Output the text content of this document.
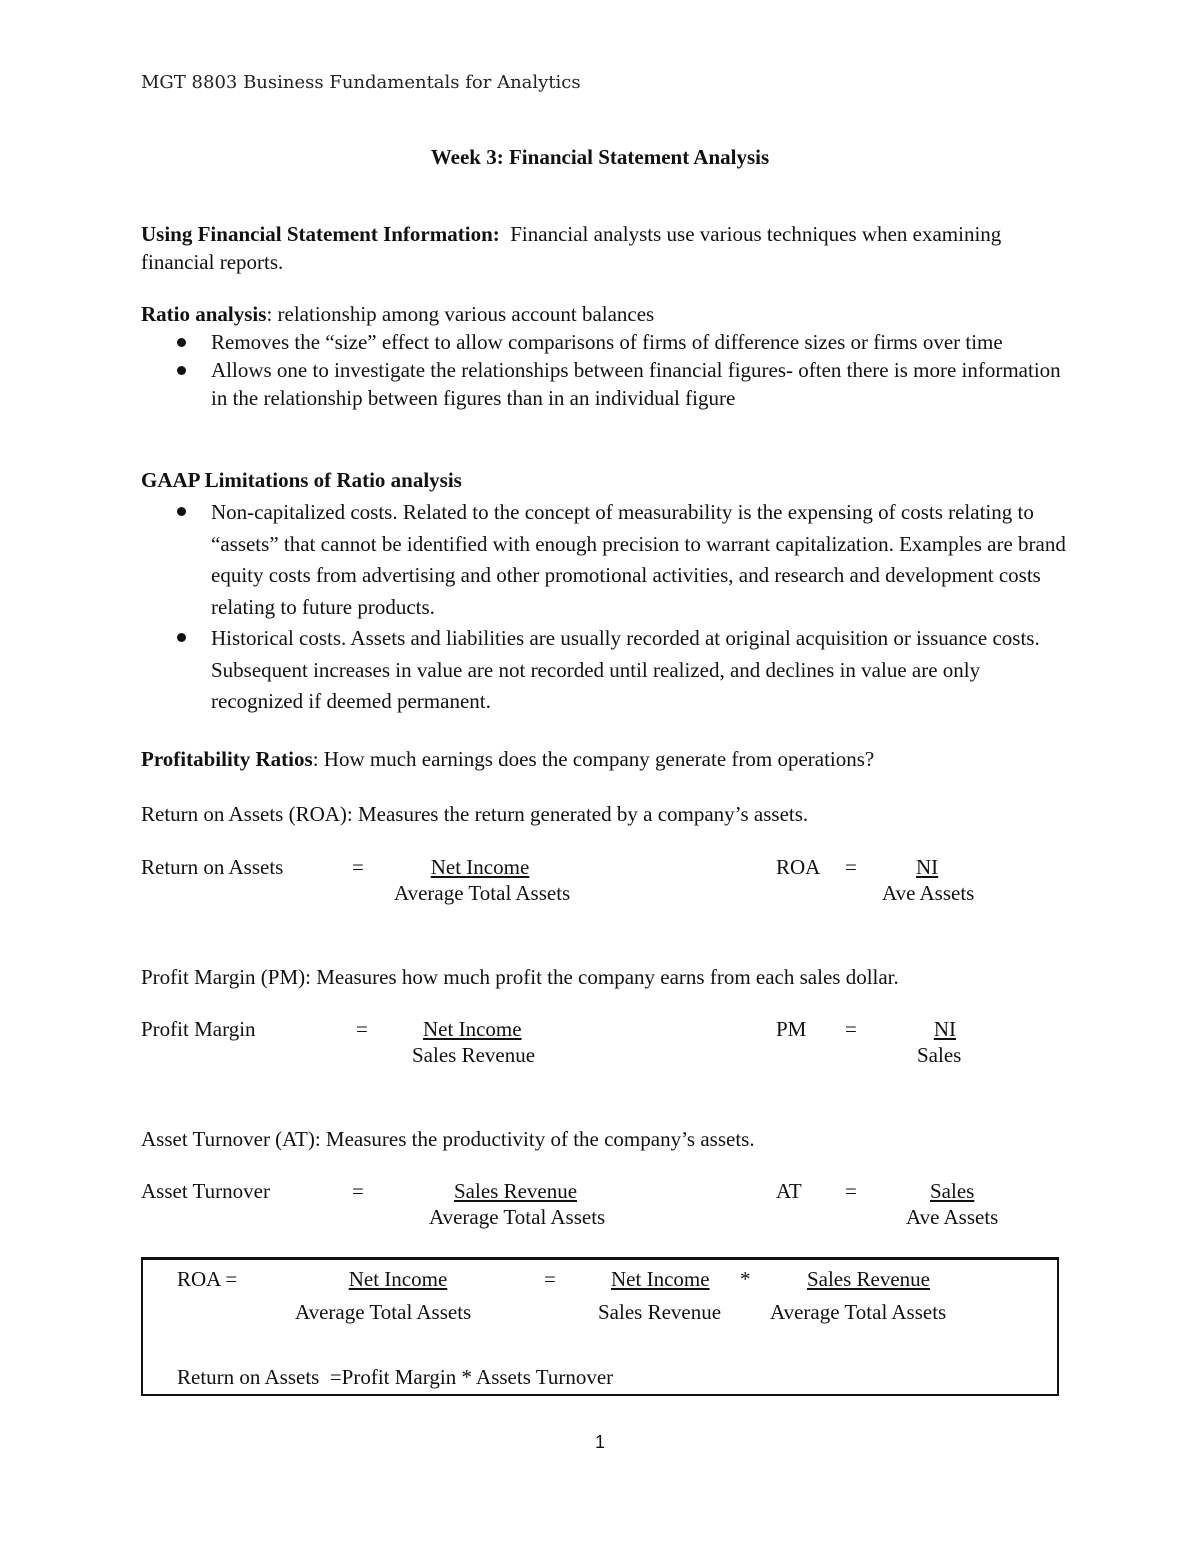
MGT 8803 Business Fundamentals for Analytics
Week 3: Financial Statement Analysis
Using Financial Statement Information: Financial analysts use various techniques when examining financial reports.
Ratio analysis: relationship among various account balances
Removes the “size” effect to allow comparisons of firms of difference sizes or firms over time
Allows one to investigate the relationships between financial figures- often there is more information in the relationship between figures than in an individual figure
GAAP Limitations of Ratio analysis
Non-capitalized costs. Related to the concept of measurability is the expensing of costs relating to “assets” that cannot be identified with enough precision to warrant capitalization. Examples are brand equity costs from advertising and other promotional activities, and research and development costs relating to future products.
Historical costs. Assets and liabilities are usually recorded at original acquisition or issuance costs. Subsequent increases in value are not recorded until realized, and declines in value are only recognized if deemed permanent.
Profitability Ratios: How much earnings does the company generate from operations?
Return on Assets (ROA): Measures the return generated by a company’s assets.
Return on Assets	=	Net Income
Average Total Assets
ROA =	NI
Ave Assets
Profit Margin (PM): Measures how much profit the company earns from each sales dollar.
Profit Margin	=	Net Income
Sales Revenue
PM =	NI
Sales
Asset Turnover (AT): Measures the productivity of the company’s assets.
Asset Turnover	=	Sales Revenue
Average Total Assets
AT =	Sales
Ave Assets
ROA =	Net Income
Average Total Assets
=	Net Income *	Sales Revenue
Sales Revenue Average Total Assets
Return on Assets  =Profit Margin * Assets Turnover
1
